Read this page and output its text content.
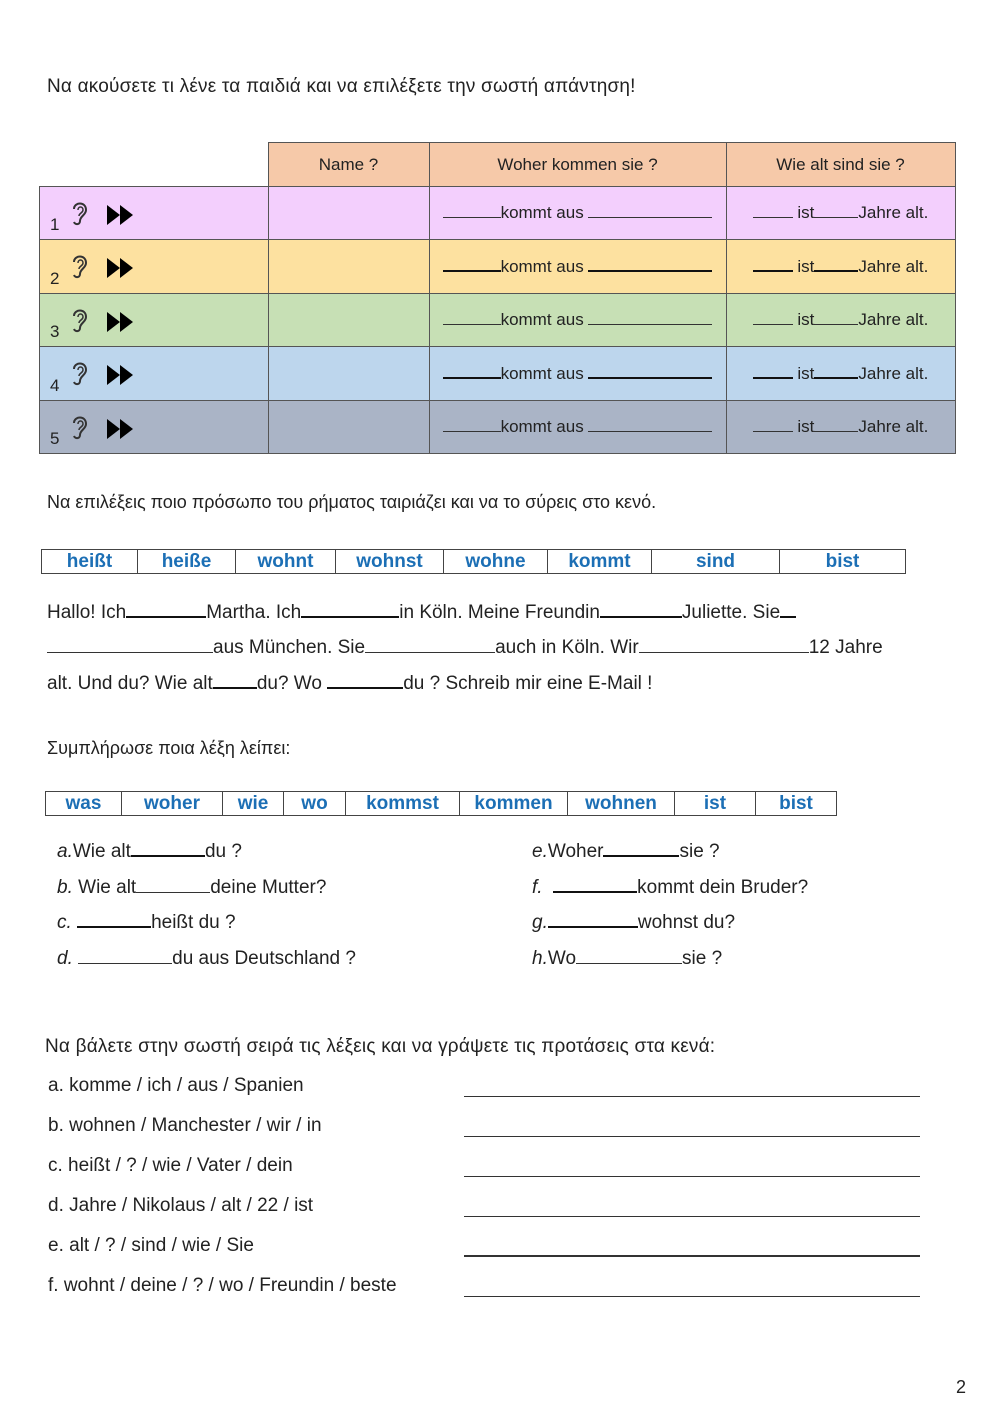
Να ακούσετε τι λένε τα παιδιά και να επιλέξετε την σωστή απάντηση!
	Name ?	Woher kommen sie ?	Wie alt sind sie ?

1		kommt aus	ist Jahre alt.

2		kommt aus	ist Jahre alt.

3		kommt aus	ist Jahre alt.

4		kommt aus	ist Jahre alt.

5		kommt aus	ist Jahre alt.
Να επιλέξεις ποιο πρόσωπο του ρήματος ταιριάζει και να το σύρεις στο κενό.
heißt	heiße	wohnt	wohnst	wohne	kommt	sind	bist
Hallo! Ich	Martha. Ich	in Köln. Meine Freundin	Juliette. Sie
aus München. Sie	auch in Köln. Wir	12 Jahre
alt. Und du? Wie alt du? Wo	du ? Schreib mir eine E-Mail !
Συμπλήρωσε ποια λέξη λείπει:
was	woher	wie	wo	kommst	kommen	wohnen	ist	bist
a.Wie alt	du ?
b. Wie alt	deine Mutter?
c.	heißt du ?
d.	du aus Deutschland ?
e.Woher	sie ?
f.	kommt dein Bruder?
g.	wohnst du?
h.Wo	sie ?
Να βάλετε στην σωστή σειρά τις λέξεις και να γράψετε τις προτάσεις στα κενά:
a. komme / ich / aus / Spanien
b. wohnen / Manchester / wir / in
c. heißt / ? / wie / Vater / dein
d. Jahre / Nikolaus / alt / 22 / ist
e. alt / ? / sind / wie / Sie
f. wohnt / deine / ? / wo / Freundin / beste
2
